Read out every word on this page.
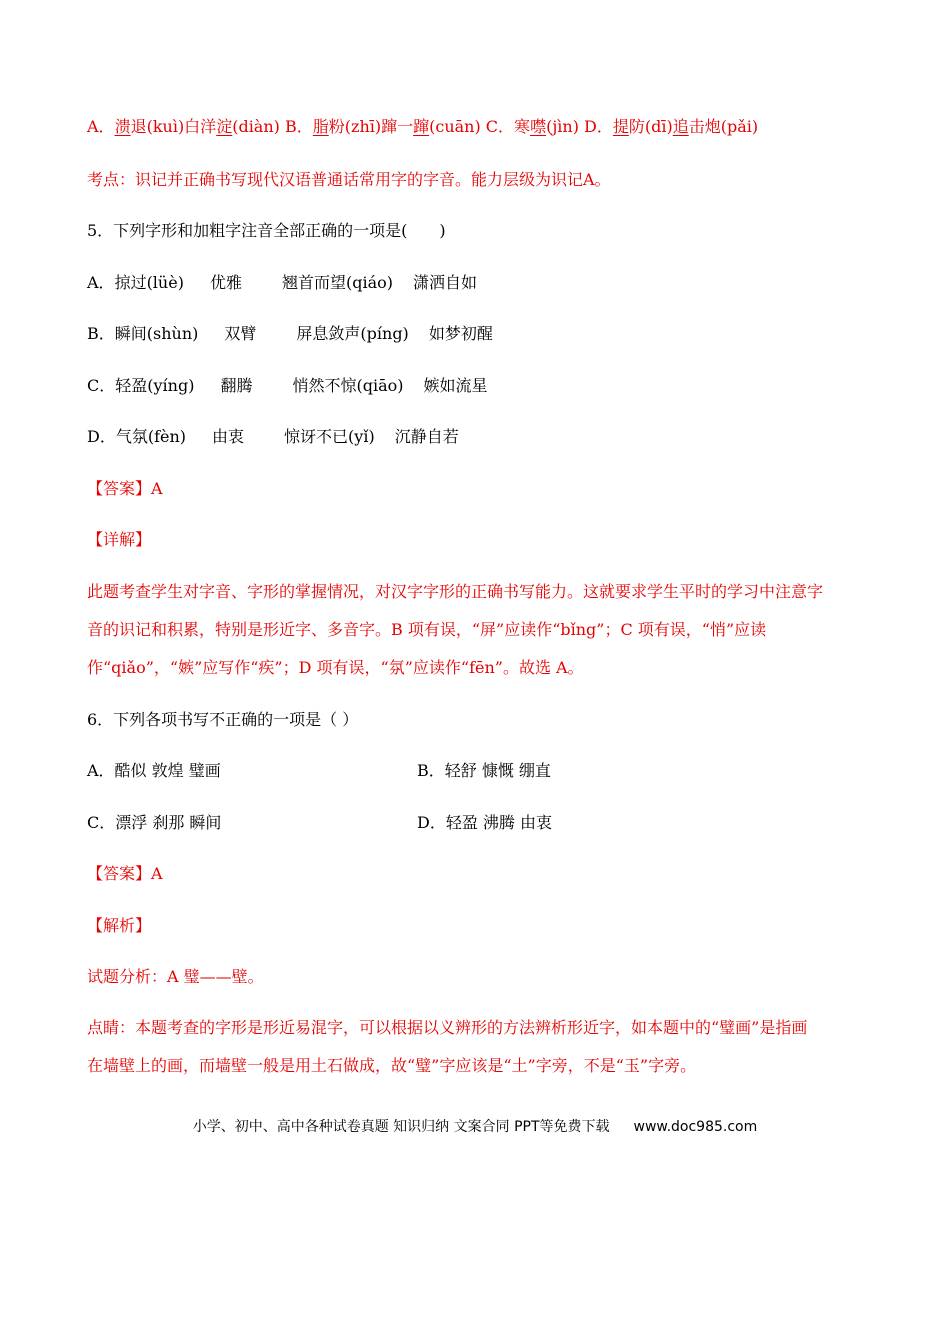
A．溃退(kuì)白洋淀(diàn) B．脂粉(zhī)蹿一蹿(cuān) C．寒噤(jìn) D．提防(dī)追击炮(pǎi)
考点：识记并正确书写现代汉语普通话常用字的字音。能力层级为识记A。
5．下列字形和加粗字注音全部正确的一项是(　　)
A．掠过(lüè) 优雅	翘首而望(qiáo) 潇洒自如
B．瞬间(shùn) 双臂	屏息敛声(píng) 如梦初醒
C．轻盈(yíng) 翻腾	悄然不惊(qiāo) 嫉如流星
D．气氛(fèn) 由衷	惊讶不已(yǐ) 沉静自若
【答案】A
【详解】
此题考查学生对字音、字形的掌握情况，对汉字字形的正确书写能力。这就要求学生平时的学习中注意字
音的识记和积累，特别是形近字、多音字。B 项有误，“屏”应读作“bǐng”；C 项有误，“悄”应读
作“qiǎo”，“嫉”应写作“疾”；D 项有误，“氛”应读作“fēn”。故选 A。
6．下列各项书写不正确的一项是（ ）
A．酷似 敦煌 璧画	B．轻舒 慷慨 绷直
C．漂浮 刹那 瞬间	D．轻盈 沸腾 由衷
【答案】A
【解析】
试题分析：A 璧——壁。
点睛：本题考查的字形是形近易混字，可以根据以义辨形的方法辨析形近字，如本题中的“璧画”是指画
在墙壁上的画，而墙壁一般是用土石做成，故“璧”字应该是“土”字旁，不是“玉”字旁。
小学、初中、高中各种试卷真题 知识归纳 文案合同 PPT等免费下载 www.doc985.com
